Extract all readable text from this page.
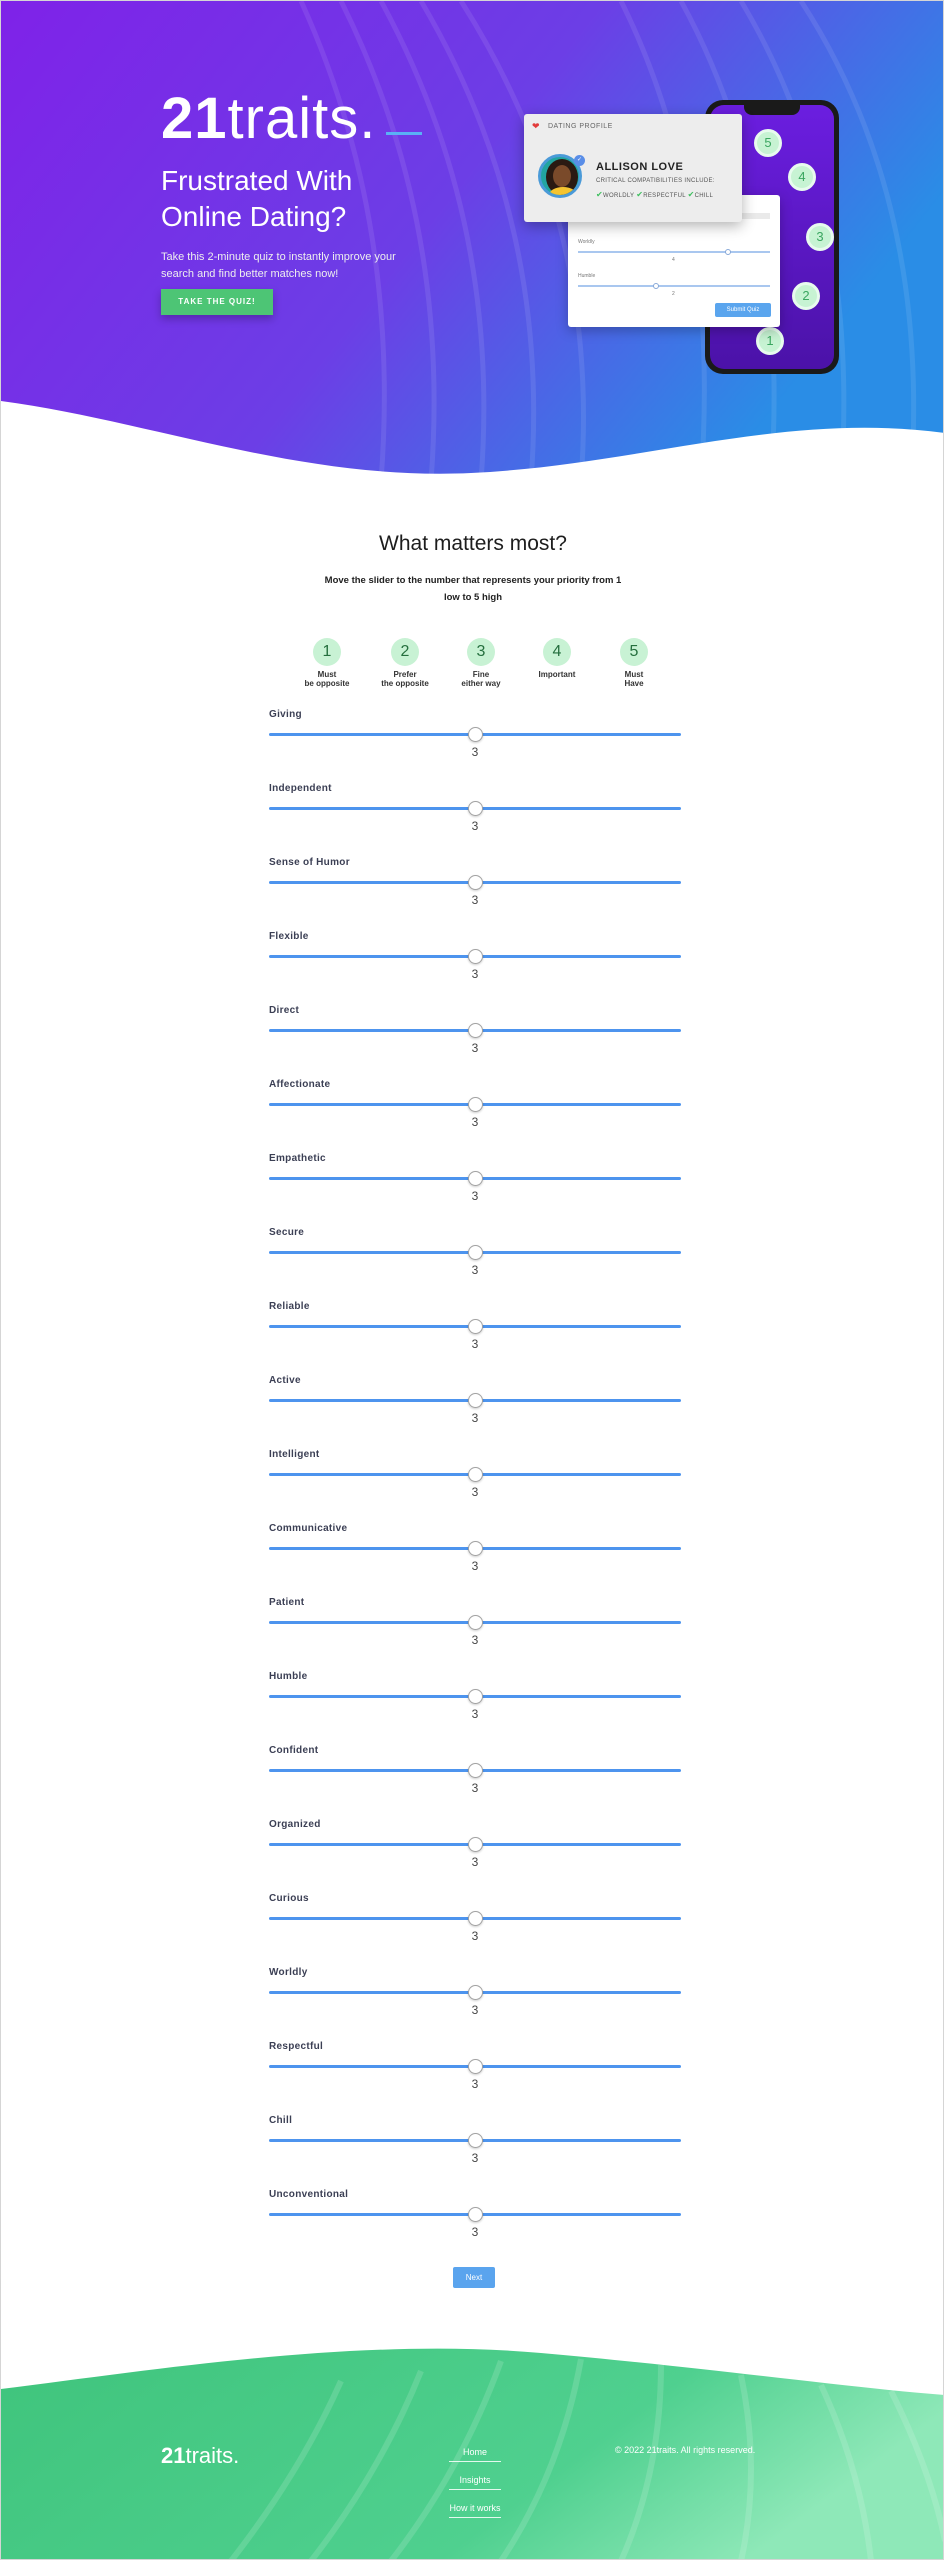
21traits.
Frustrated With Online Dating?
Take this 2-minute quiz to instantly improve your search and find better matches now!
TAKE THE QUIZ!
5
4
3
2
1
Worldly
4
Humble
2
Submit Quiz
❤ DATING PROFILE
✓
ALLISON LOVE
CRITICAL COMPATIBILITIES INCLUDE:
✔WORLDLY ✔RESPECTFUL ✔CHILL
What matters most?
Move the slider to the number that represents your priority from 1 low to 5 high
1
Must
be opposite
2
Prefer
the opposite
3
Fine
either way
4
Important

5
Must
Have
Giving
3
Independent
3
Sense of Humor
3
Flexible
3
Direct
3
Affectionate
3
Empathetic
3
Secure
3
Reliable
3
Active
3
Intelligent
3
Communicative
3
Patient
3
Humble
3
Confident
3
Organized
3
Curious
3
Worldly
3
Respectful
3
Chill
3
Unconventional
3
Next
21traits.	Home
Insights
How it works
© 2022 21traits. All rights reserved.
